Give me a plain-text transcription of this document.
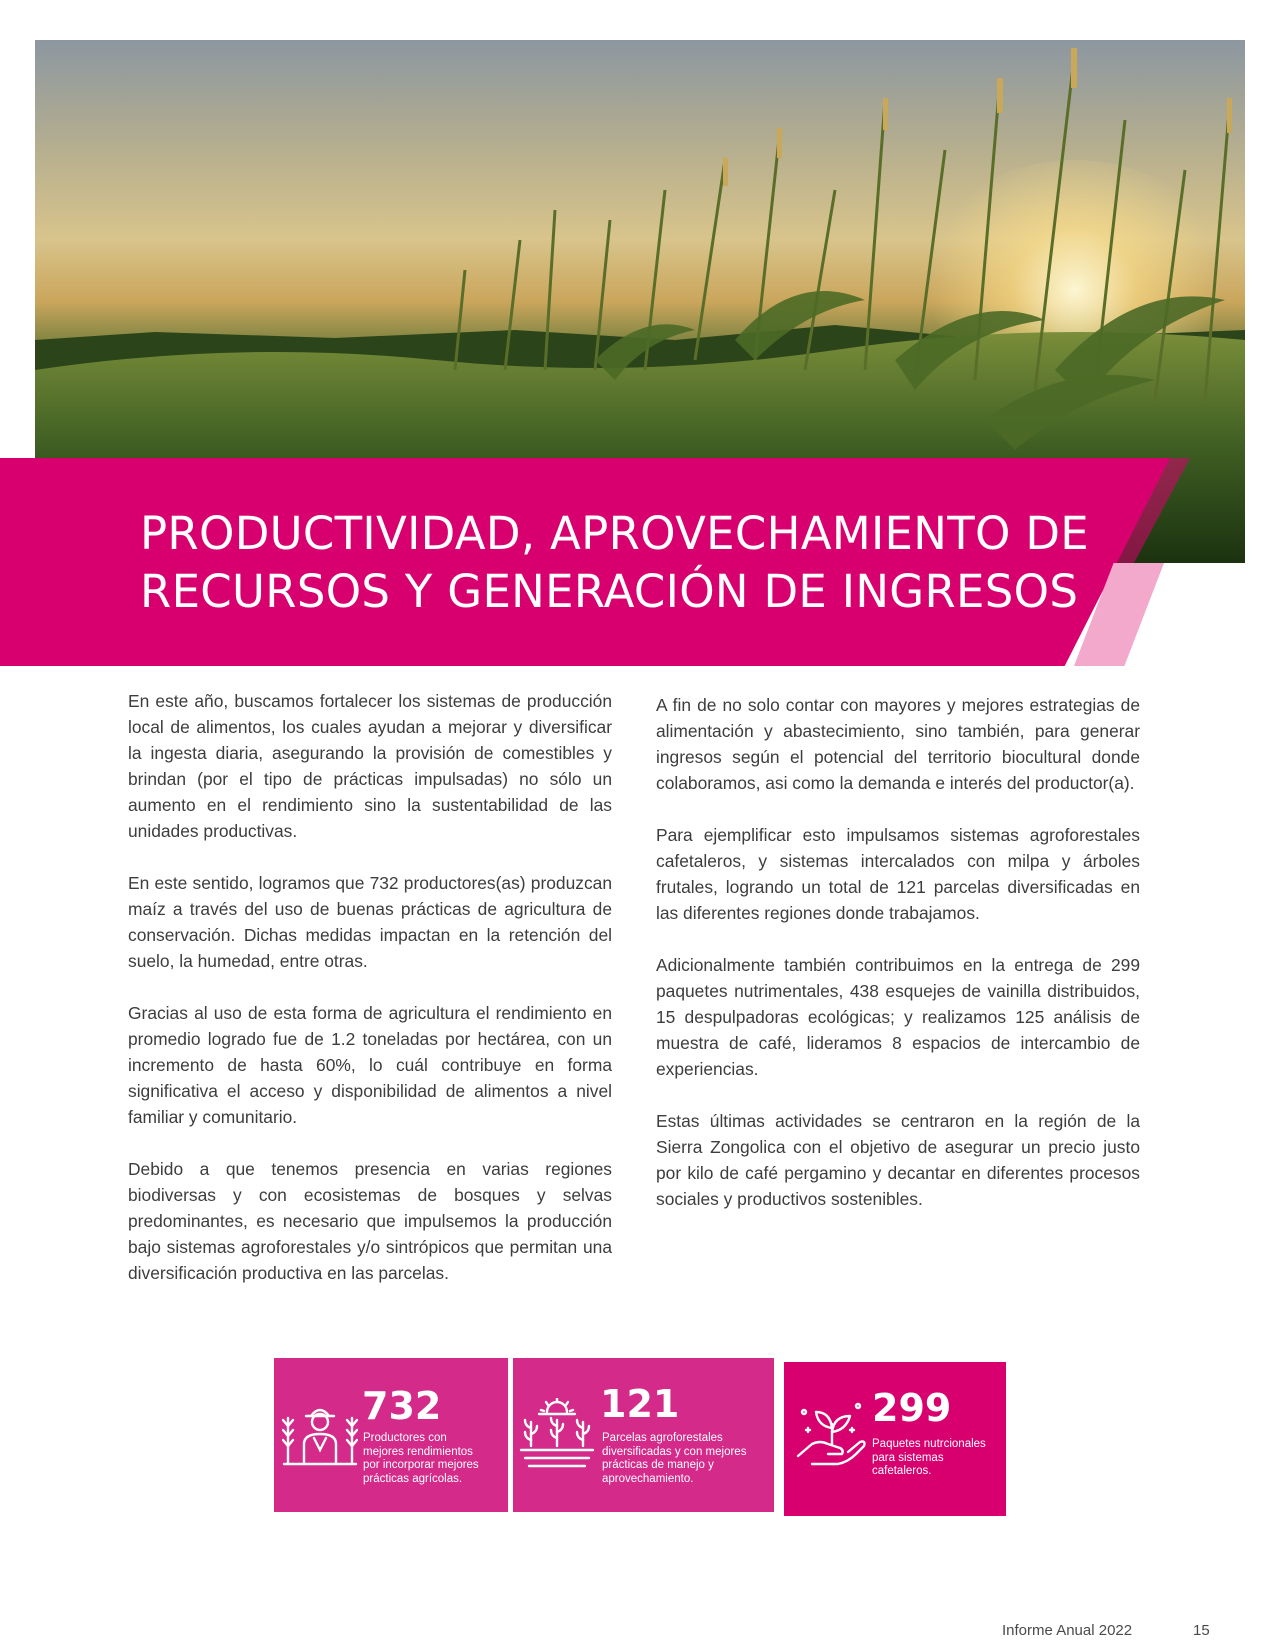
PRODUCTIVIDAD, APROVECHAMIENTO DE
RECURSOS Y GENERACIÓN DE INGRESOS

En este año, buscamos fortalecer los sistemas de producción local de alimentos, los cuales ayudan a mejorar y diversificar la ingesta diaria, asegurando la provisión de comestibles y brindan (por el tipo de prácticas impulsadas) no sólo un aumento en el rendimiento sino la sustentabilidad de las unidades productivas.

En este sentido, logramos que 732 productores(as) produzcan maíz a través del uso de buenas prácticas de agricultura de conservación. Dichas medidas impactan en la retención del suelo, la humedad, entre otras.

Gracias al uso de esta forma de agricultura el rendimiento en promedio logrado fue de 1.2 toneladas por hectárea, con un incremento de hasta 60%, lo cuál contribuye en forma significativa el acceso y disponibilidad de alimentos a nivel familiar y comunitario.

Debido a que tenemos presencia en varias regiones biodiversas y con ecosistemas de bosques y selvas predominantes, es necesario que impulsemos la producción bajo sistemas agroforestales y/o sintrópicos que permitan una diversificación productiva en las parcelas.

A fin de no solo contar con mayores y mejores estrategias de alimentación y abastecimiento, sino también, para generar ingresos según el potencial del territorio biocultural donde colaboramos, asi como la demanda e interés del productor(a).

Para ejemplificar esto impulsamos sistemas agroforestales cafetaleros, y sistemas intercalados con milpa y árboles frutales, logrando un total de 121 parcelas diversificadas en las diferentes regiones donde trabajamos.

Adicionalmente también contribuimos en la entrega de 299 paquetes nutrimentales, 438 esquejes de vainilla distribuidos, 15 despulpadoras ecológicas; y realizamos 125 análisis de muestra de café, lideramos 8 espacios de intercambio de experiencias.

Estas últimas actividades se centraron en la región de la Sierra Zongolica con el objetivo de asegurar un precio justo por kilo de café pergamino y decantar en diferentes procesos sociales y productivos sostenibles.

732
Productores con
mejores rendimientos
por incorporar mejores
prácticas agrícolas.
121
Parcelas agroforestales
diversificadas y con mejores
prácticas de manejo y
aprovechamiento.
299
Paquetes nutrcionales
para sistemas
cafetaleros.
Informe Anual 2022	15
